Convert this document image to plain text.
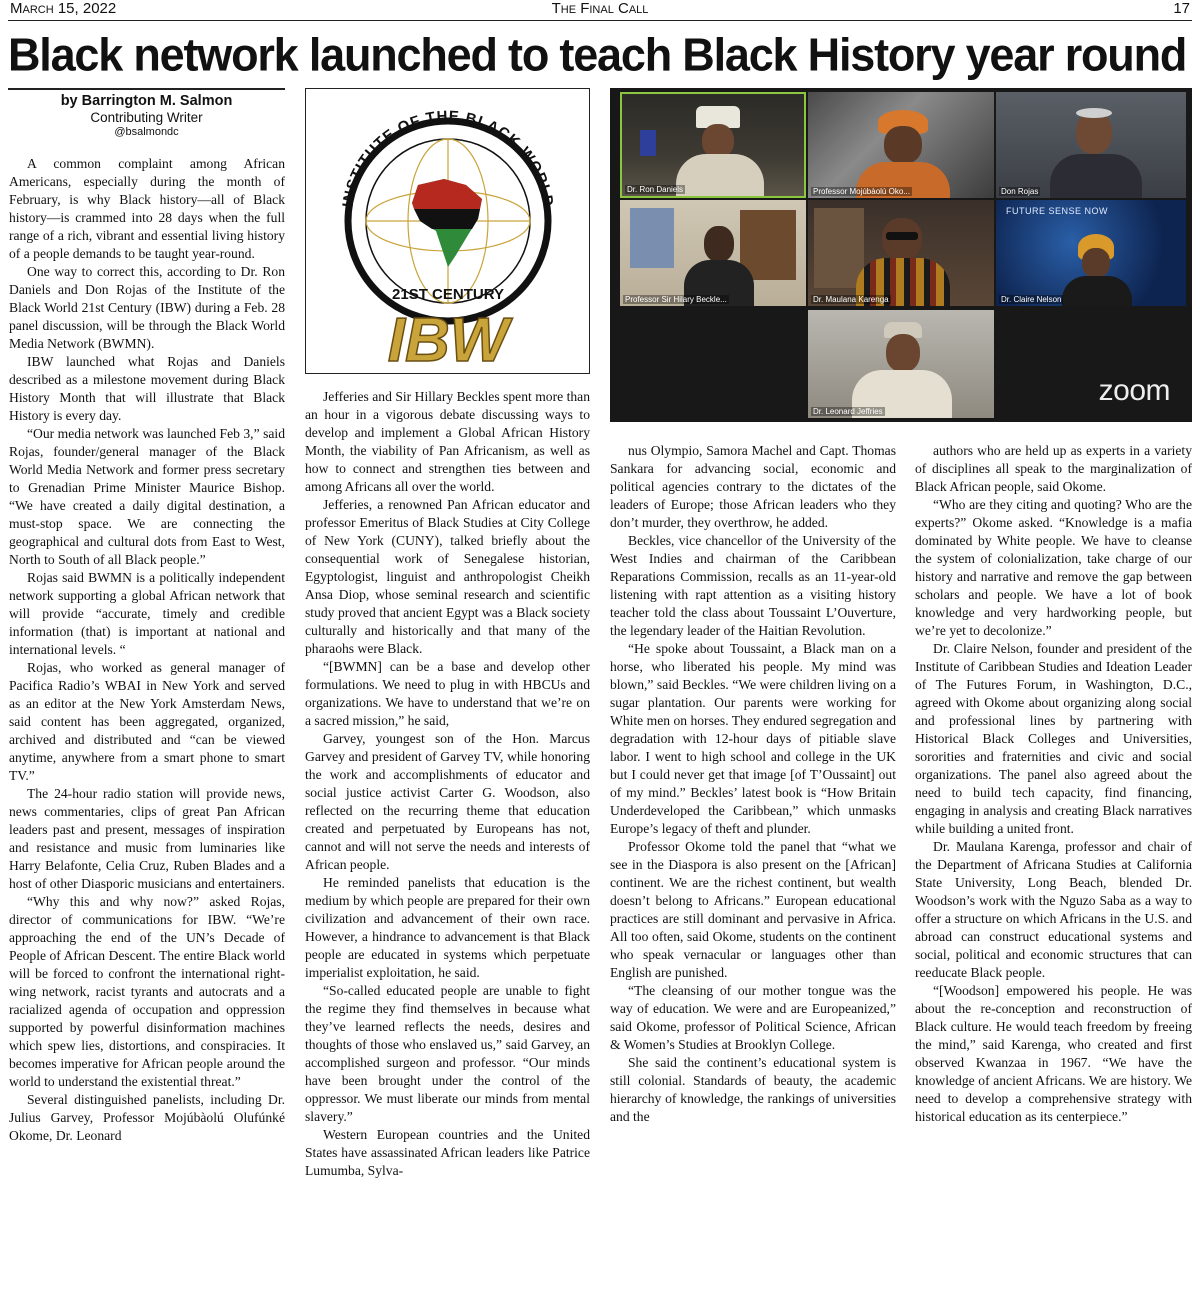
March 15, 2022	The Final Call	17
Black network launched to teach Black History year round
by Barrington M. Salmon
Contributing Writer
@bsalmondc

A common complaint among African Americans, especially during the month of February, is why Black history—all of Black history—is crammed into 28 days when the full range of a rich, vibrant and essential living history of a people demands to be taught year-round.

One way to correct this, according to Dr. Ron Daniels and Don Rojas of the Institute of the Black World 21st Century (IBW) during a Feb. 28 panel discussion, will be through the Black World Media Network (BWMN).

IBW launched what Rojas and Daniels described as a milestone movement during Black History Month that will illustrate that Black History is every day.

“Our media network was launched Feb 3,” said Rojas, founder/general manager of the Black World Media Network and former press secretary to Grenadian Prime Minister Maurice Bishop. “We have created a daily digital destination, a must-stop space. We are connecting the geographical and cultural dots from East to West, North to South of all Black people.”

Rojas said BWMN is a politically independent network supporting a global African network that will provide “accurate, timely and credible information (that) is important at national and international levels. “

Rojas, who worked as general manager of Pacifica Radio’s WBAI in New York and served as an editor at the New York Amsterdam News, said content has been aggregated, organized, archived and distributed and “can be viewed anytime, anywhere from a smart phone to smart TV.”

The 24-hour radio station will provide news, news commentaries, clips of great Pan African leaders past and present, messages of inspiration and resistance and music from luminaries like Harry Belafonte, Celia Cruz, Ruben Blades and a host of other Diasporic musicians and entertainers.

“Why this and why now?” asked Rojas, director of communications for IBW. “We’re approaching the end of the UN’s Decade of People of African Descent. The entire Black world will be forced to confront the international right-wing network, racist tyrants and autocrats and a racialized agenda of occupation and oppression supported by powerful disinformation machines which spew lies, distortions, and conspiracies. It becomes imperative for African people around the world to understand the existential threat.”

Several distinguished panelists, including Dr. Julius Garvey, Professor Mojúbàolú Olufúnké Okome, Dr. Leonard

INSTITUTE OF THE BLACK WORLD
21ST CENTURY
IBW

Jefferies and Sir Hillary Beckles spent more than an hour in a vigorous debate discussing ways to develop and implement a Global African History Month, the viability of Pan Africanism, as well as how to connect and strengthen ties between and among Africans all over the world.

Jefferies, a renowned Pan African educator and professor Emeritus of Black Studies at City College of New York (CUNY), talked briefly about the consequential work of Senegalese historian, Egyptologist, linguist and anthropologist Cheikh Ansa Diop, whose seminal research and scientific study proved that ancient Egypt was a Black society culturally and historically and that many of the pharaohs were Black.

“[BWMN] can be a base and develop other formulations. We need to plug in with HBCUs and organizations. We have to understand that we’re on a sacred mission,” he said,

Garvey, youngest son of the Hon. Marcus Garvey and president of Garvey TV, while honoring the work and accomplishments of educator and social justice activist Carter G. Woodson, also reflected on the recurring theme that education created and perpetuated by Europeans has not, cannot and will not serve the needs and interests of African people.

He reminded panelists that education is the medium by which people are prepared for their own civilization and advancement of their own race. However, a hindrance to advancement is that Black people are educated in systems which perpetuate imperialist exploitation, he said.

“So-called educated people are unable to fight the regime they find themselves in because what they’ve learned reflects the needs, desires and thoughts of those who enslaved us,” said Garvey, an accomplished surgeon and professor. “Our minds have been brought under the control of the oppressor. We must liberate our minds from mental slavery.”

Western European countries and the United States have assassinated African leaders like Patrice Lumumba, Sylva-

Dr. Ron Daniels	Professor Mojúbàolú Oko...	Don Rojas
Professor Sir Hilary Beckle...	Dr. Maulana Karenga
FUTURE SENSE NOW
Dr. Claire Nelson
Dr. Leonard Jeffries
zoom

nus Olympio, Samora Machel and Capt. Thomas Sankara for advancing social, economic and political agencies contrary to the dictates of the leaders of Europe; those African leaders who they don’t murder, they overthrow, he added.

Beckles, vice chancellor of the University of the West Indies and chairman of the Caribbean Reparations Commission, recalls as an 11-year-old listening with rapt attention as a visiting history teacher told the class about Toussaint L’Ouverture, the legendary leader of the Haitian Revolution.

“He spoke about Toussaint, a Black man on a horse, who liberated his people. My mind was blown,” said Beckles. “We were children living on a sugar plantation. Our parents were working for White men on horses. They endured segregation and degradation with 12-hour days of pitiable slave labor. I went to high school and college in the UK but I could never get that image [of T’Oussaint] out of my mind.” Beckles’ latest book is “How Britain Underdeveloped the Caribbean,” which unmasks Europe’s legacy of theft and plunder.

Professor Okome told the panel that “what we see in the Diaspora is also present on the [African] continent. We are the richest continent, but wealth doesn’t belong to Africans.” European educational practices are still dominant and pervasive in Africa. All too often, said Okome, students on the continent who speak vernacular or languages other than English are punished.

“The cleansing of our mother tongue was the way of education. We were and are Europeanized,” said Okome, professor of Political Science, African & Women’s Studies at Brooklyn College.

She said the continent’s educational system is still colonial. Standards of beauty, the academic hierarchy of knowledge, the rankings of universities and the

authors who are held up as experts in a variety of disciplines all speak to the marginalization of Black African people, said Okome.

“Who are they citing and quoting? Who are the experts?” Okome asked. “Knowledge is a mafia dominated by White people. We have to cleanse the system of colonialization, take charge of our history and narrative and remove the gap between scholars and people. We have a lot of book knowledge and very hardworking people, but we’re yet to decolonize.”

Dr. Claire Nelson, founder and president of the Institute of Caribbean Studies and Ideation Leader of The Futures Forum, in Washington, D.C., agreed with Okome about organizing along social and professional lines by partnering with Historical Black Colleges and Universities, sororities and fraternities and civic and social organizations. The panel also agreed about the need to build tech capacity, find financing, engaging in analysis and creating Black narratives while building a united front.

Dr. Maulana Karenga, professor and chair of the Department of Africana Studies at California State University, Long Beach, blended Dr. Woodson’s work with the Nguzo Saba as a way to offer a structure on which Africans in the U.S. and abroad can construct educational systems and social, political and economic structures that can reeducate Black people.

“[Woodson] empowered his people. He was about the re-conception and reconstruction of Black culture. He would teach freedom by freeing the mind,” said Karenga, who created and first observed Kwanzaa in 1967. “We have the knowledge of ancient Africans. We are history. We need to develop a comprehensive strategy with historical education as its centerpiece.”
